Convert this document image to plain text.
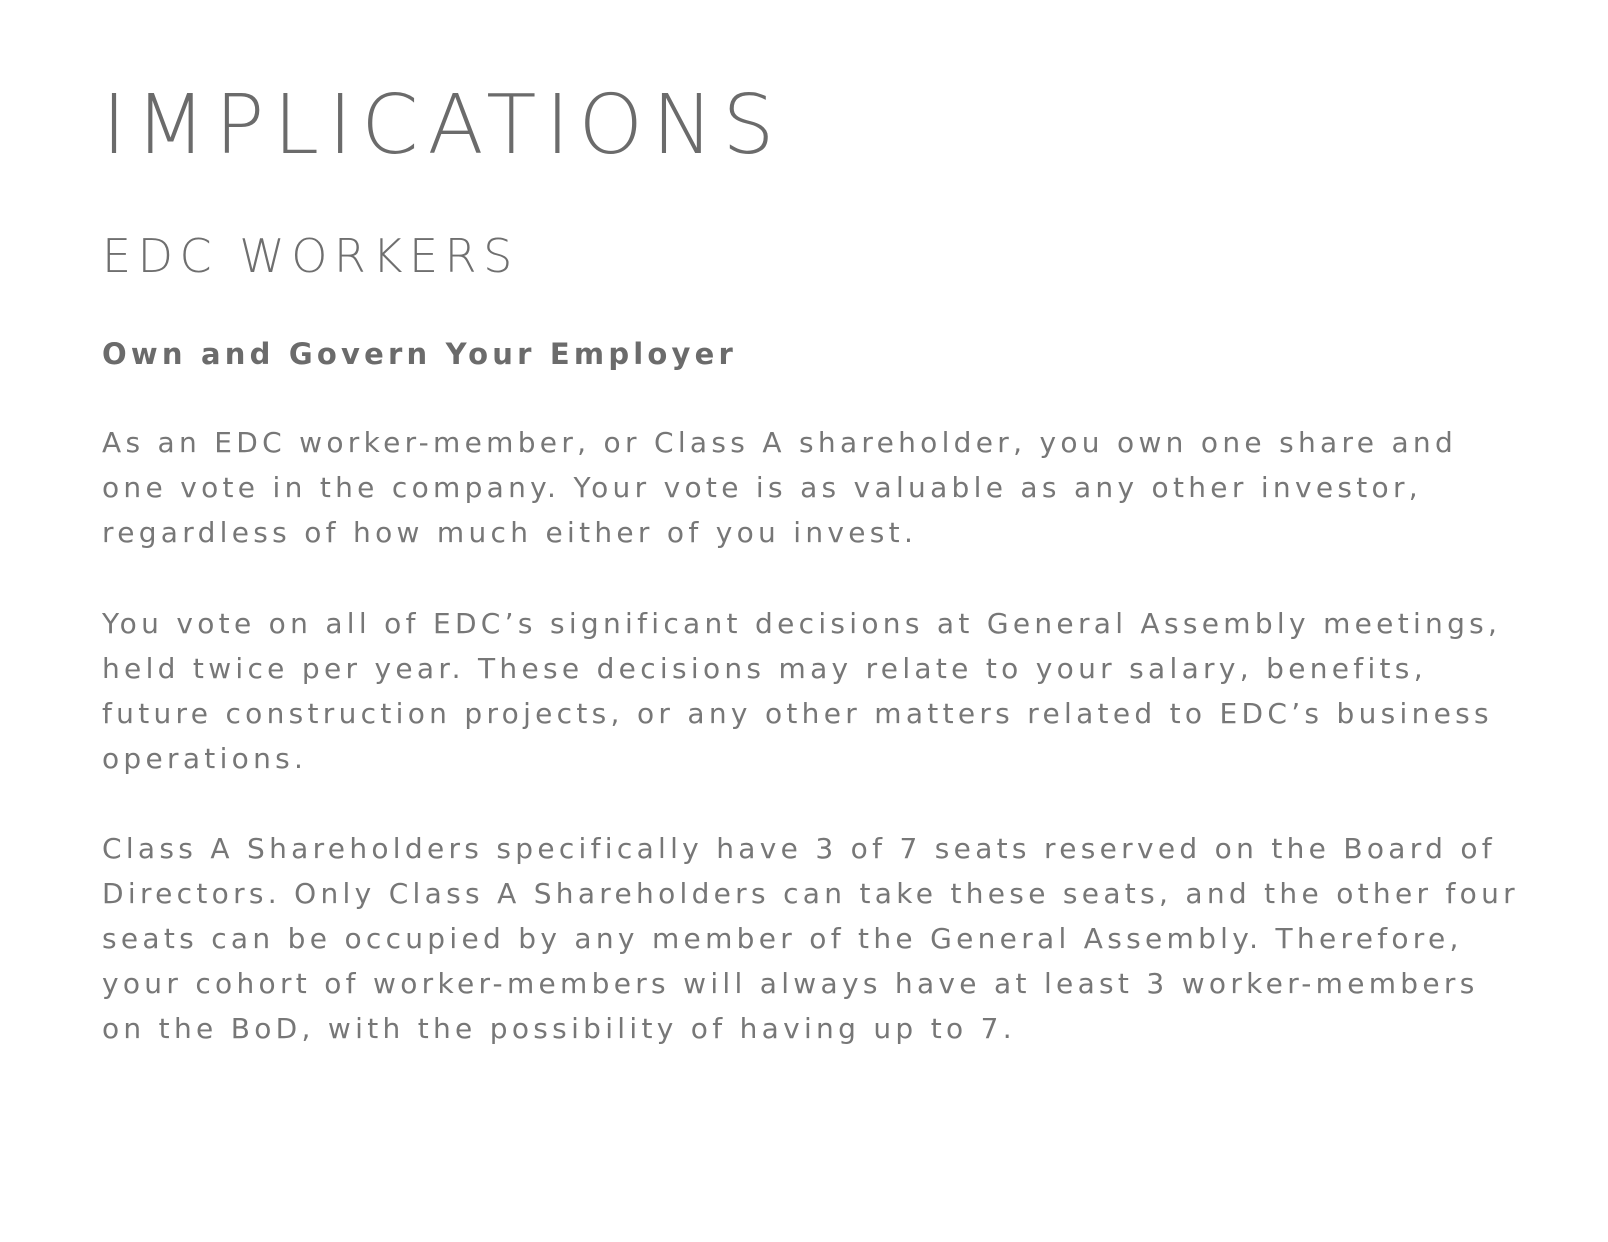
IMPLICATIONS
EDC WORKERS
Own and Govern Your Employer

As an EDC worker-member, or Class A shareholder, you own one share and one vote in the company. Your vote is as valuable as any other investor, regardless of how much either of you invest.

You vote on all of EDC’s significant decisions at General Assembly meetings, held twice per year. These decisions may relate to your salary, benefits, future construction projects, or any other matters related to EDC’s business operations.

Class A Shareholders specifically have 3 of 7 seats reserved on the Board of Directors. Only Class A Shareholders can take these seats, and the other four seats can be occupied by any member of the General Assembly. Therefore, your cohort of worker-members will always have at least 3 worker-members on the BoD, with the possibility of having up to 7.
